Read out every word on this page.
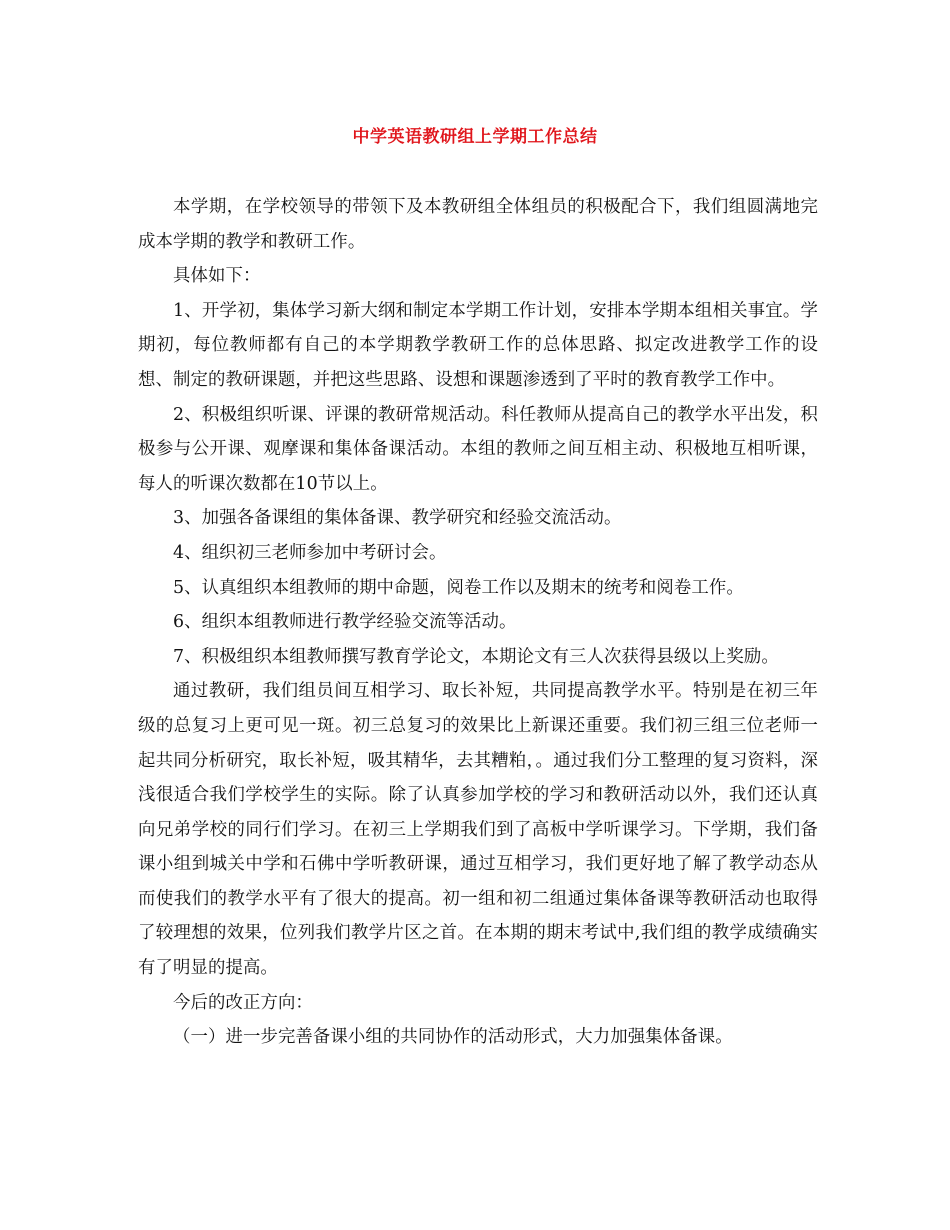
中学英语教研组上学期工作总结

本学期，在学校领导的带领下及本教研组全体组员的积极配合下，我们组圆满地完成本学期的教学和教研工作。

具体如下：

1、开学初，集体学习新大纲和制定本学期工作计划，安排本学期本组相关事宜。学期初，每位教师都有自己的本学期教学教研工作的总体思路、拟定改进教学工作的设想、制定的教研课题，并把这些思路、设想和课题渗透到了平时的教育教学工作中。

2、积极组织听课、评课的教研常规活动。科任教师从提高自己的教学水平出发，积极参与公开课、观摩课和集体备课活动。本组的教师之间互相主动、积极地互相听课，每人的听课次数都在10节以上。

3、加强各备课组的集体备课、教学研究和经验交流活动。

4、组织初三老师参加中考研讨会。

5、认真组织本组教师的期中命题，阅卷工作以及期末的统考和阅卷工作。

6、组织本组教师进行教学经验交流等活动。

7、积极组织本组教师撰写教育学论文，本期论文有三人次获得县级以上奖励。

通过教研，我们组员间互相学习、取长补短，共同提高教学水平。特别是在初三年级的总复习上更可见一斑。初三总复习的效果比上新课还重要。我们初三组三位老师一起共同分析研究，取长补短，吸其精华，去其糟粕，。通过我们分工整理的复习资料，深浅很适合我们学校学生的实际。除了认真参加学校的学习和教研活动以外，我们还认真向兄弟学校的同行们学习。在初三上学期我们到了高板中学听课学习。下学期，我们备课小组到城关中学和石佛中学听教研课，通过互相学习，我们更好地了解了教学动态从而使我们的教学水平有了很大的提高。初一组和初二组通过集体备课等教研活动也取得了较理想的效果，位列我们教学片区之首。在本期的期末考试中,我们组的教学成绩确实有了明显的提高。

今后的改正方向：

（一）进一步完善备课小组的共同协作的活动形式，大力加强集体备课。
